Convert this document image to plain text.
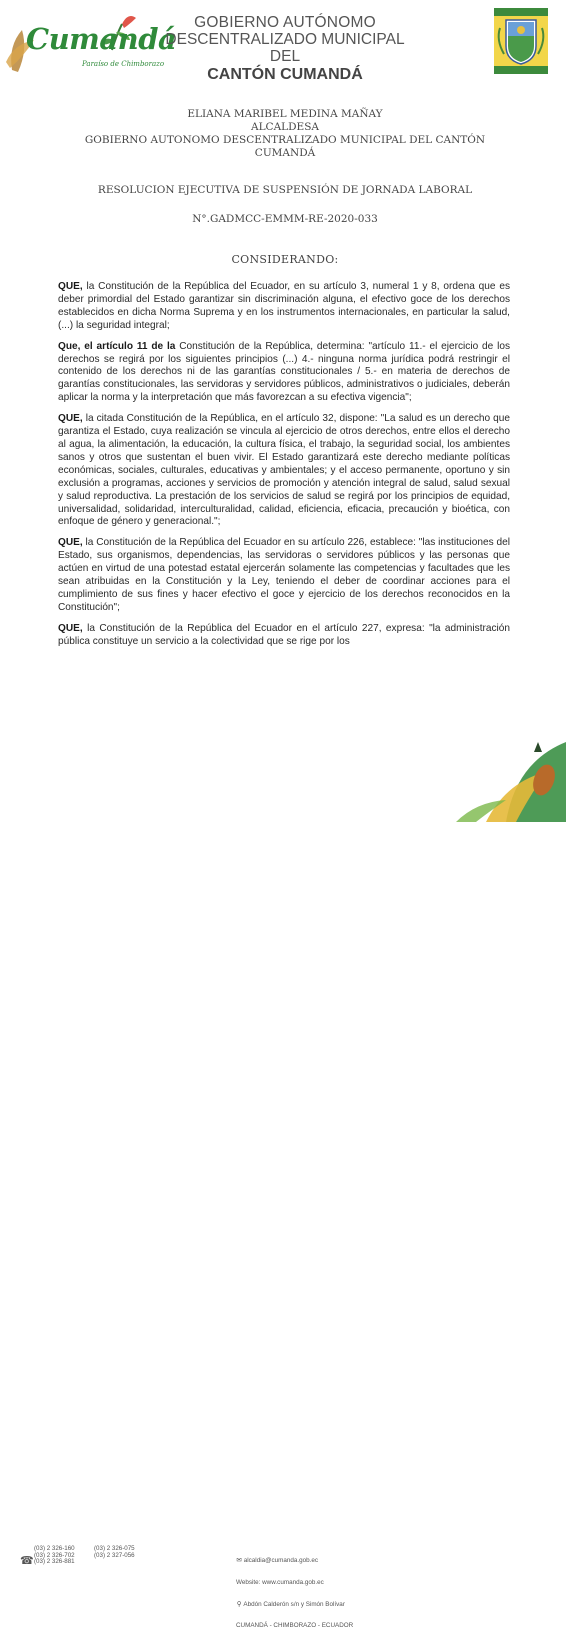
Cumandá
Paraíso de Chimborazo
GOBIERNO AUTÓNOMO
DESCENTRALIZADO MUNICIPAL DEL
CANTÓN CUMANDÁ
ELIANA MARIBEL MEDINA MAÑAY
ALCALDESA
GOBIERNO AUTONOMO DESCENTRALIZADO MUNICIPAL DEL CANTÓN
CUMANDÁ
RESOLUCION EJECUTIVA DE SUSPENSIÓN DE JORNADA LABORAL
N°.GADMCC-EMMM-RE-2020-033
CONSIDERANDO:

QUE, la Constitución de la República del Ecuador, en su artículo 3, numeral 1 y 8, ordena que es deber primordial del Estado garantizar sin discriminación alguna, el efectivo goce de los derechos establecidos en dicha Norma Suprema y en los instrumentos internacionales, en particular la salud, (...) la seguridad integral;

Que, el artículo 11 de la Constitución de la República, determina: "artículo 11.- el ejercicio de los derechos se regirá por los siguientes principios (...) 4.- ninguna norma jurídica podrá restringir el contenido de los derechos ni de las garantías constitucionales / 5.- en materia de derechos de garantías constitucionales, las servidoras y servidores públicos, administrativos o judiciales, deberán aplicar la norma y la interpretación que más favorezcan a su efectiva vigencia";

QUE, la citada Constitución de la República, en el artículo 32, dispone: "La salud es un derecho que garantiza el Estado, cuya realización se vincula al ejercicio de otros derechos, entre ellos el derecho al agua, la alimentación, la educación, la cultura física, el trabajo, la seguridad social, los ambientes sanos y otros que sustentan el buen vivir. El Estado garantizará este derecho mediante políticas económicas, sociales, culturales, educativas y ambientales; y el acceso permanente, oportuno y sin exclusión a programas, acciones y servicios de promoción y atención integral de salud, salud sexual y salud reproductiva. La prestación de los servicios de salud se regirá por los principios de equidad, universalidad, solidaridad, interculturalidad, calidad, eficiencia, eficacia, precaución y bioética, con enfoque de género y generacional.";

QUE, la Constitución de la República del Ecuador en su artículo 226, establece: "las instituciones del Estado, sus organismos, dependencias, las servidoras o servidores públicos y las personas que actúen en virtud de una potestad estatal ejercerán solamente las competencias y facultades que les sean atribuidas en la Constitución y la Ley, teniendo el deber de coordinar acciones para el cumplimiento de sus fines y hacer efectivo el goce y ejercicio de los derechos reconocidos en la Constitución";

QUE, la Constitución de la República del Ecuador en el artículo 227, expresa: "la administración pública constituye un servicio a la colectividad que se rige por los

☎
(03) 2 326-160
(03) 2 326-702
(03) 2 326-881
(03) 2 326-075
(03) 2 327-056

✉ alcaldia@cumanda.gob.ec

Website: www.cumanda.gob.ec

⚲ Abdón Calderón s/n y Simón Bolívar

CUMANDÁ - CHIMBORAZO - ECUADOR
